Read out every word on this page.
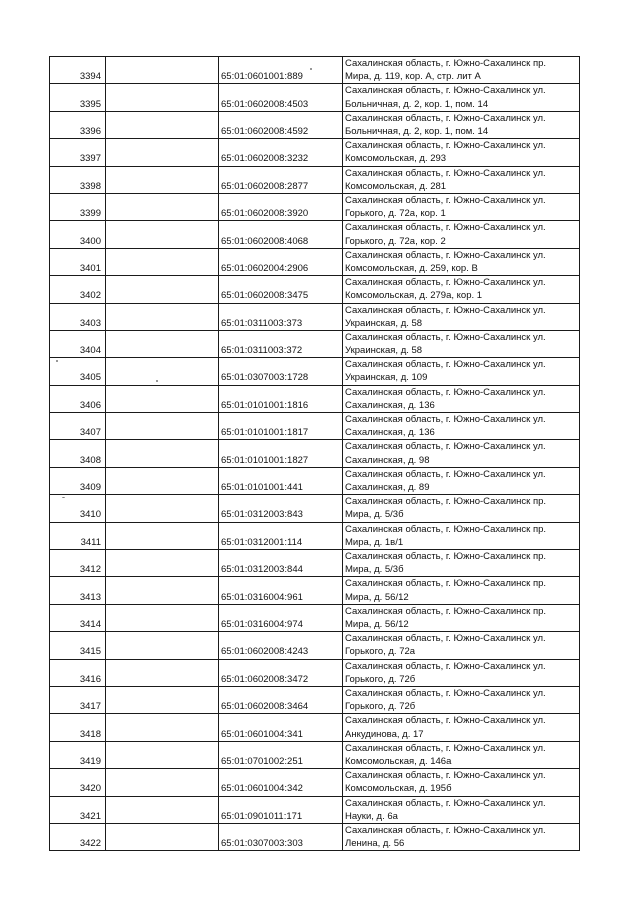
3394		65:01:0601001:889	Сахалинская область, г. Южно-Сахалинск пр.
Мира, д. 119, кор. А, стр. лит А

3395		65:01:0602008:4503	Сахалинская область, г. Южно-Сахалинск ул.
Больничная, д. 2, кор. 1, пом. 14

3396		65:01:0602008:4592	Сахалинская область, г. Южно-Сахалинск ул.
Больничная, д. 2, кор. 1, пом. 14

3397		65:01:0602008:3232	Сахалинская область, г. Южно-Сахалинск ул.
Комсомольская, д. 293

3398		65:01:0602008:2877	Сахалинская область, г. Южно-Сахалинск ул.
Комсомольская, д. 281

3399		65:01:0602008:3920	Сахалинская область, г. Южно-Сахалинск ул.
Горького, д. 72а, кор. 1

3400		65:01:0602008:4068	Сахалинская область, г. Южно-Сахалинск ул.
Горького, д. 72а, кор. 2

3401		65:01:0602004:2906	Сахалинская область, г. Южно-Сахалинск ул.
Комсомольская, д. 259, кор. В

3402		65:01:0602008:3475	Сахалинская область, г. Южно-Сахалинск ул.
Комсомольская, д. 279а, кор. 1

3403		65:01:0311003:373	Сахалинская область, г. Южно-Сахалинск ул.
Украинская, д. 58

3404		65:01:0311003:372	Сахалинская область, г. Южно-Сахалинск ул.
Украинская, д. 58

3405		65:01:0307003:1728	Сахалинская область, г. Южно-Сахалинск ул.
Украинская, д. 109

3406		65:01:0101001:1816	Сахалинская область, г. Южно-Сахалинск ул.
Сахалинская, д. 136

3407		65:01:0101001:1817	Сахалинская область, г. Южно-Сахалинск ул.
Сахалинская, д. 136

3408		65:01:0101001:1827	Сахалинская область, г. Южно-Сахалинск ул.
Сахалинская, д. 98

3409		65:01:0101001:441	Сахалинская область, г. Южно-Сахалинск ул.
Сахалинская, д. 89

3410		65:01:0312003:843	Сахалинская область, г. Южно-Сахалинск пр.
Мира, д. 5/3б

3411		65:01:0312001:114	Сахалинская область, г. Южно-Сахалинск пр.
Мира, д. 1в/1

3412		65:01:0312003:844	Сахалинская область, г. Южно-Сахалинск пр.
Мира, д. 5/3б

3413		65:01:0316004:961	Сахалинская область, г. Южно-Сахалинск пр.
Мира, д. 56/12

3414		65:01:0316004:974	Сахалинская область, г. Южно-Сахалинск пр.
Мира, д. 56/12

3415		65:01:0602008:4243	Сахалинская область, г. Южно-Сахалинск ул.
Горького, д. 72а

3416		65:01:0602008:3472	Сахалинская область, г. Южно-Сахалинск ул.
Горького, д. 72б

3417		65:01:0602008:3464	Сахалинская область, г. Южно-Сахалинск ул.
Горького, д. 72б

3418		65:01:0601004:341	Сахалинская область, г. Южно-Сахалинск ул.
Анкудинова, д. 17

3419		65:01:0701002:251	Сахалинская область, г. Южно-Сахалинск ул.
Комсомольская, д. 146а

3420		65:01:0601004:342	Сахалинская область, г. Южно-Сахалинск ул.
Комсомольская, д. 195б

3421		65:01:0901011:171	Сахалинская область, г. Южно-Сахалинск ул.
Науки, д. 6а

3422		65:01:0307003:303	Сахалинская область, г. Южно-Сахалинск ул.
Ленина, д. 56
